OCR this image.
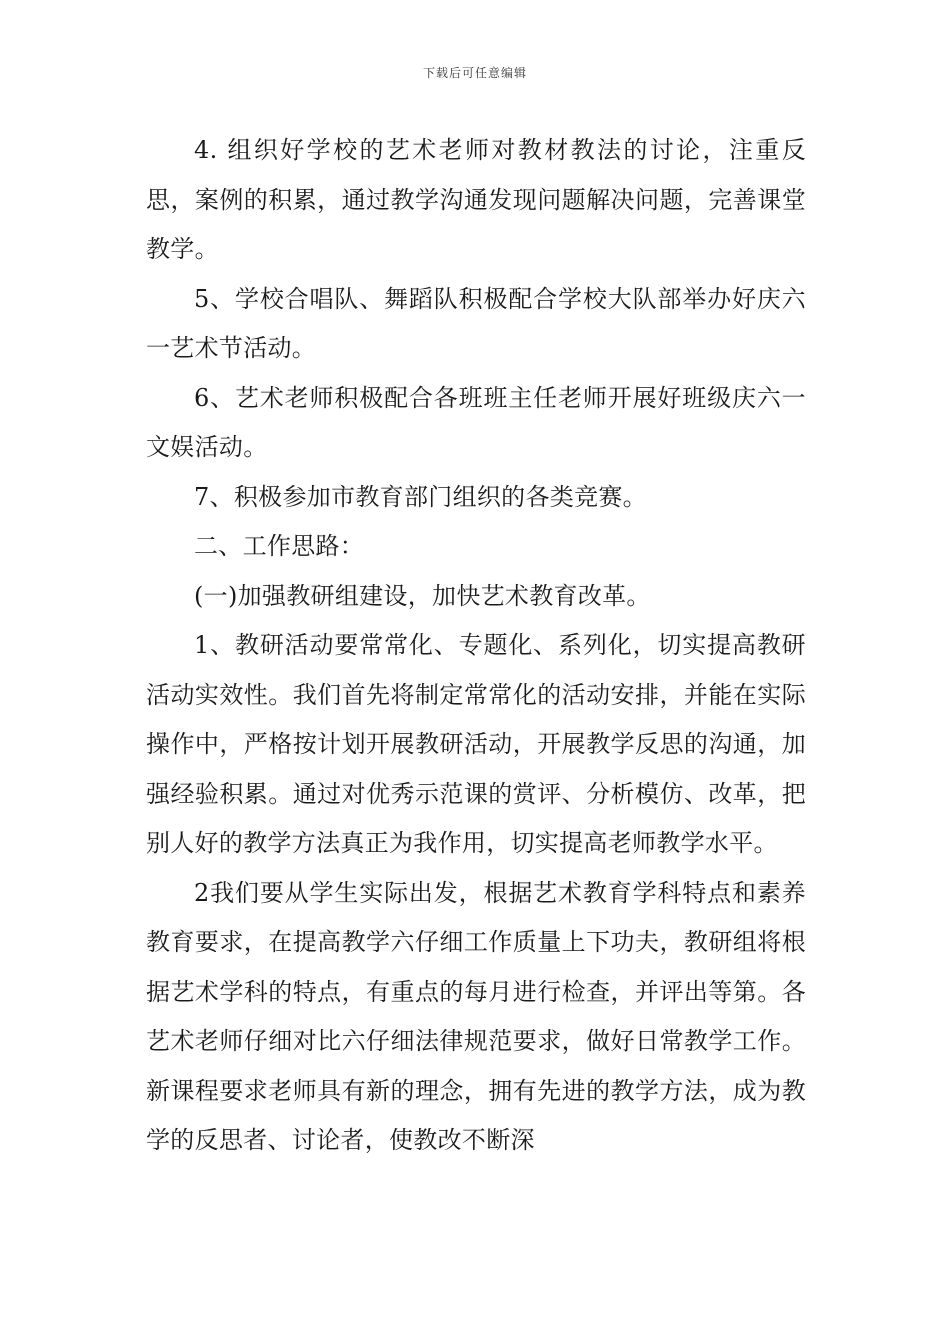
下载后可任意编辑

4. 组织好学校的艺术老师对教材教法的讨论，注重反思，案例的积累，通过教学沟通发现问题解决问题，完善课堂教学。

5、学校合唱队、舞蹈队积极配合学校大队部举办好庆六一艺术节活动。

6、艺术老师积极配合各班班主任老师开展好班级庆六一文娱活动。

7、积极参加市教育部门组织的各类竞赛。

二、工作思路：

(一)加强教研组建设，加快艺术教育改革。

1、教研活动要常常化、专题化、系列化，切实提高教研活动实效性。我们首先将制定常常化的活动安排，并能在实际操作中，严格按计划开展教研活动，开展教学反思的沟通，加强经验积累。通过对优秀示范课的赏评、分析模仿、改革，把别人好的教学方法真正为我作用，切实提高老师教学水平。

2我们要从学生实际出发，根据艺术教育学科特点和素养教育要求，在提高教学六仔细工作质量上下功夫，教研组将根据艺术学科的特点，有重点的每月进行检查，并评出等第。各艺术老师仔细对比六仔细法律规范要求，做好日常教学工作。新课程要求老师具有新的理念，拥有先进的教学方法，成为教学的反思者、讨论者，使教改不断深
